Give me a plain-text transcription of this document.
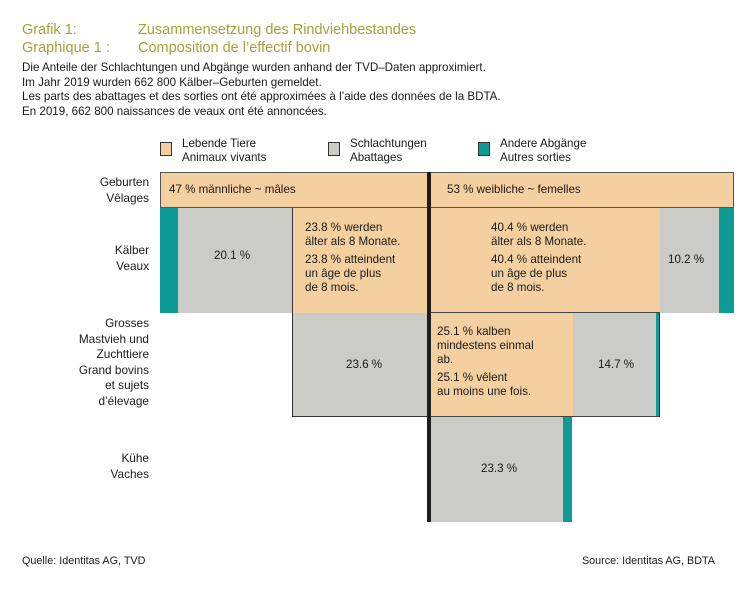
Grafik 1:	Zusammensetzung des Rindviehbestandes
Graphique 1 : Composition de l’effectif bovin
Die Anteile der Schlachtungen und Abgänge wurden anhand der TVD–Daten approximiert.
Im Jahr 2019 wurden 662 800 Kälber–Geburten gemeldet.
Les parts des abattages et des sorties ont été approximées à l’aide des données de la BDTA.
En 2019, 662 800 naissances de veaux ont été annoncées.
Lebende Tiere
Animaux vivants
Schlachtungen
Abattages
Andere Abgänge
Autres sorties
Geburten
Vêlages
Kälber
Veaux
Grosses
Mastvieh und
Zuchttiere
Grand bovins
et sujets
d’élevage
Kühe
Vaches
47 % männliche ~ mâles	53 % weibliche ~ femelles
20.1 %
23.8 % werden
älter als 8 Monate.
23.8 % atteindent
un âge de plus
de 8 mois.
40.4 % werden
älter als 8 Monate.
40.4 % atteindent
un âge de plus
de 8 mois.
10.2 %
23.6 %
25.1 % kalben
mindestens einmal
ab.
25.1 % vêlent
au moins une fois.
14.7 %
23.3 %
Quelle: Identitas AG, TVD	Source: Identitas AG, BDTA
